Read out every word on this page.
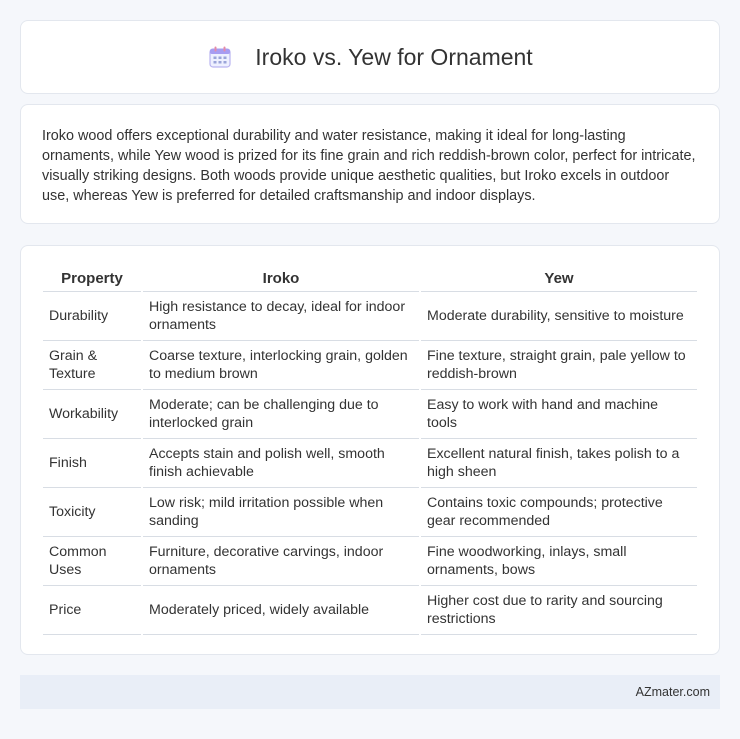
Iroko vs. Yew for Ornament

Iroko wood offers exceptional durability and water resistance, making it ideal for long-lasting ornaments, while Yew wood is prized for its fine grain and rich reddish-brown color, perfect for intricate, visually striking designs. Both woods provide unique aesthetic qualities, but Iroko excels in outdoor use, whereas Yew is preferred for detailed craftsmanship and indoor displays.

Property	Iroko	Yew
Durability	High resistance to decay, ideal for indoor ornaments	Moderate durability, sensitive to moisture
Grain & Texture	Coarse texture, interlocking grain, golden to medium brown	Fine texture, straight grain, pale yellow to reddish-brown
Workability	Moderate; can be challenging due to interlocked grain	Easy to work with hand and machine tools
Finish	Accepts stain and polish well, smooth finish achievable	Excellent natural finish, takes polish to a high sheen
Toxicity	Low risk; mild irritation possible when sanding	Contains toxic compounds; protective gear recommended
Common Uses	Furniture, decorative carvings, indoor ornaments	Fine woodworking, inlays, small ornaments, bows
Price	Moderately priced, widely available	Higher cost due to rarity and sourcing restrictions
AZmater.com
